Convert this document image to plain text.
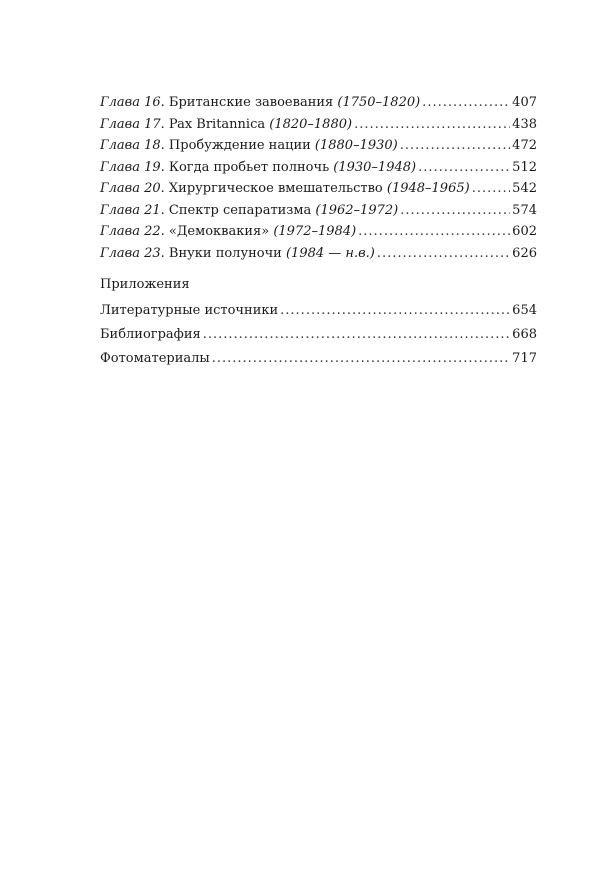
Глава 16. Британские завоевания (1750–1820) .....	407
Глава 17. Pax Britannica (1820–1880) .....	438
Глава 18. Пробуждение нации (1880–1930) .....	472
Глава 19. Когда пробьет полночь (1930–1948) .....	512
Глава 20. Хирургическое вмешательство (1948–1965) .....	542
Глава 21. Спектр сепаратизма (1962–1972) .....	574
Глава 22. «Демоквакия» (1972–1984) .....	602
Глава 23. Внуки полуночи (1984 — н.в.) .....	626
Приложения
Литературные источники .....	654
Библиография .....	668
Фотоматериалы .....	717
